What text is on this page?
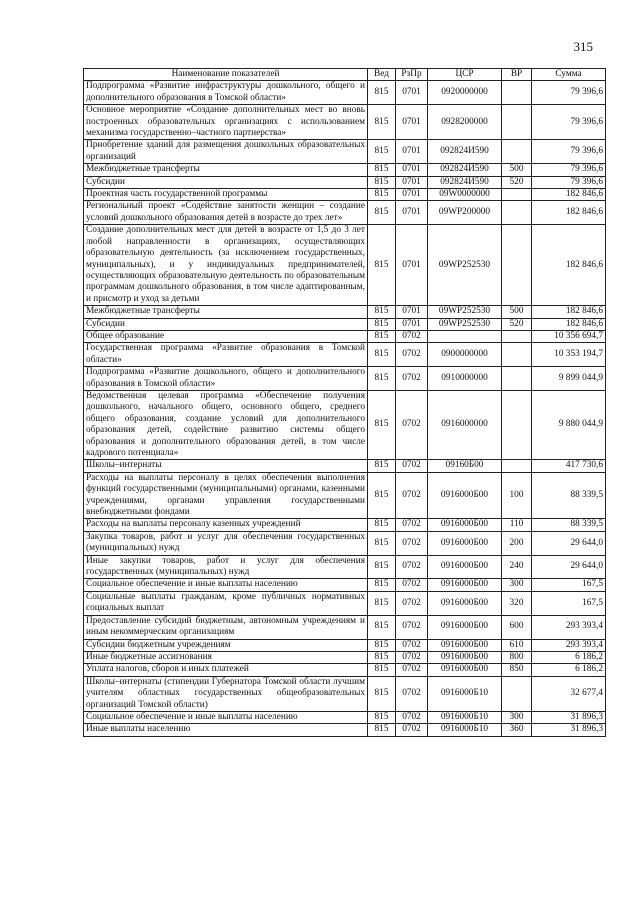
315
Наименование показателей	Вед	РзПр	ЦСР	ВР	Сумма
Подпрограмма «Развитие инфраструктуры дошкольного, общего и дополнительного образования в Томской области»	815	0701	0920000000		79 396,6
Основное мероприятие «Создание дополнительных мест во вновь построенных образовательных организациях с использованием механизма государственно–частного партнерства»	815	0701	0928200000		79 396,6
Приобретение зданий для размещения дошкольных образовательных организаций	815	0701	092824И590		79 396,6
Межбюджетные трансферты	815	0701	092824И590	500	79 396,6
Субсидии	815	0701	092824И590	520	79 396,6
Проектная часть государственной программы	815	0701	09W0000000		182 846,6
Региональный проект «Содействие занятости женщин – создание условий дошкольного образования детей в возрасте до трех лет»	815	0701	09WP200000		182 846,6
Создание дополнительных мест для детей в возрасте от 1,5 до 3 лет любой направленности в организациях, осуществляющих образовательную деятельность (за исключением государственных, муниципальных), и у индивидуальных предпринимателей, осуществляющих образовательную деятельность по образовательным программам дошкольного образования, в том числе адаптированным, и присмотр и уход за детьми	815	0701	09WP252530		182 846,6
Межбюджетные трансферты	815	0701	09WP252530	500	182 846,6
Субсидии	815	0701	09WP252530	520	182 846,6
Общее образование	815	0702			10 356 694,7
Государственная программа «Развитие образования в Томской области»	815	0702	0900000000		10 353 194,7
Подпрограмма «Развитие дошкольного, общего и дополнительного образования в Томской области»	815	0702	0910000000		9 899 044,9
Ведомственная целевая программа «Обеспечение получения дошкольного, начального общего, основного общего, среднего общего образования, создание условий для дополнительного образования детей, содействие развитию системы общего образования и дополнительного образования детей, в том числе кадрового потенциала»	815	0702	0916000000		9 880 044,9
Школы–интернаты	815	0702	09160Б00		417 730,6
Расходы на выплаты персоналу в целях обеспечения выполнения функций государственными (муниципальными) органами, казенными учреждениями, органами управления государственными внебюджетными фондами	815	0702	0916000Б00	100	88 339,5
Расходы на выплаты персоналу казенных учреждений	815	0702	0916000Б00	110	88 339,5
Закупка товаров, работ и услуг для обеспечения государственных (муниципальных) нужд	815	0702	0916000Б00	200	29 644,0
Иные закупки товаров, работ и услуг для обеспечения государственных (муниципальных) нужд	815	0702	0916000Б00	240	29 644,0
Социальное обеспечение и иные выплаты населению	815	0702	0916000Б00	300	167,5
Социальные выплаты гражданам, кроме публичных нормативных социальных выплат	815	0702	0916000Б00	320	167,5
Предоставление субсидий бюджетным, автономным учреждениям и иным некоммерческим организациям	815	0702	0916000Б00	600	293 393,4
Субсидии бюджетным учреждениям	815	0702	0916000Б00	610	293 393,4
Иные бюджетные ассигнования	815	0702	0916000Б00	800	6 186,2
Уплата налогов, сборов и иных платежей	815	0702	0916000Б00	850	6 186,2
Школы–интернаты (стипендии Губернатора Томской области лучшим учителям областных государственных общеобразовательных организаций Томской области)	815	0702	0916000Б10		32 677,4
Социальное обеспечение и иные выплаты населению	815	0702	0916000Б10	300	31 896,3
Иные выплаты населению	815	0702	0916000Б10	360	31 896,3
